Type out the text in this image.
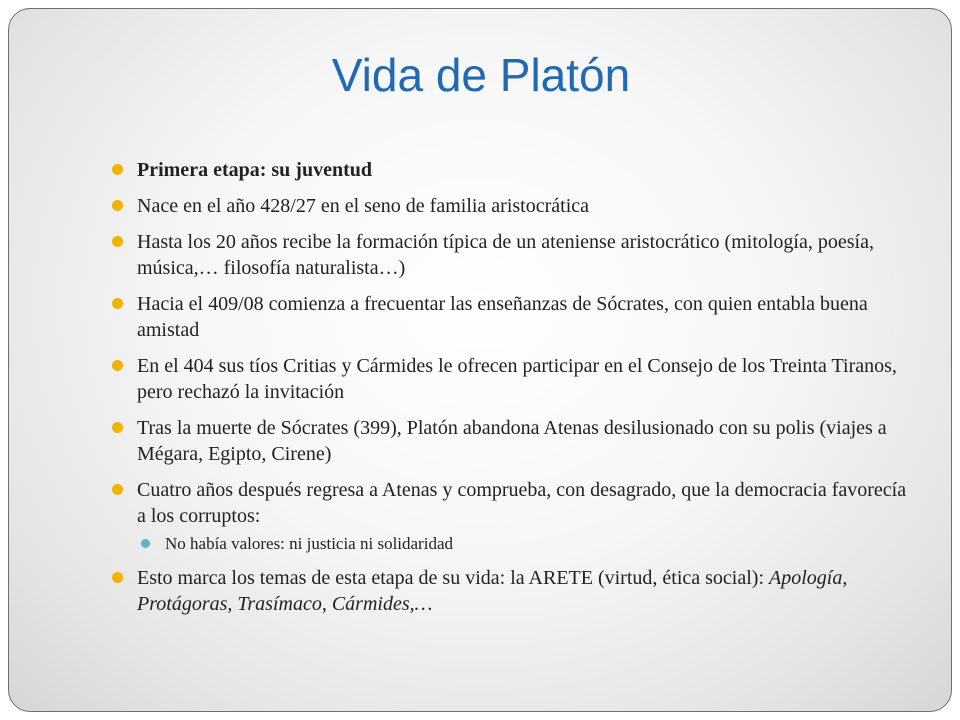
Vida de Platón
Primera etapa: su juventud
Nace en el año 428/27 en el seno de familia aristocrática
Hasta los 20 años recibe la formación típica de un ateniense aristocrático (mitología, poesía, música,… filosofía naturalista…)
Hacia el 409/08 comienza a frecuentar las enseñanzas de Sócrates, con quien entabla buena amistad
En el 404 sus tíos Critias y Cármides le ofrecen participar en el Consejo de los Treinta Tiranos, pero rechazó la invitación
Tras la muerte de Sócrates (399), Platón abandona Atenas desilusionado con su polis (viajes a Mégara, Egipto, Cirene)
Cuatro años después regresa a Atenas y comprueba, con desagrado, que la democracia favorecía a los corruptos:
No había valores: ni justicia ni solidaridad
Esto marca los temas de esta etapa de su vida: la ARETE (virtud, ética social): Apología, Protágoras, Trasímaco, Cármides,…
